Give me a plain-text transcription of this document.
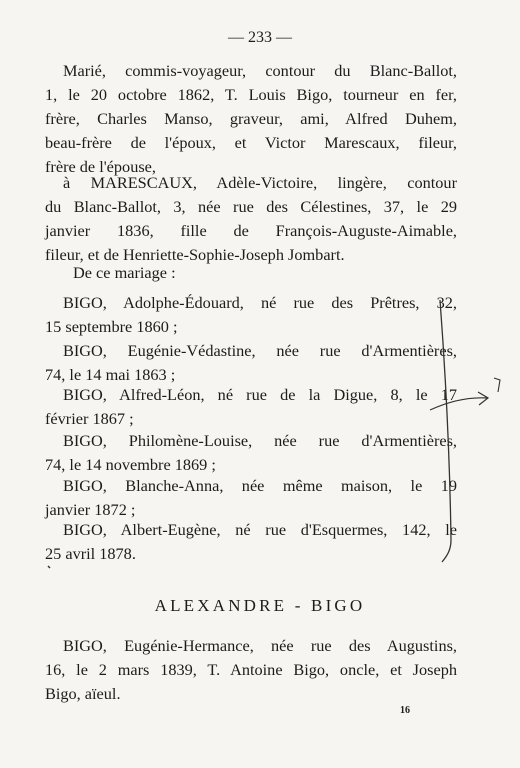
— 233 —

Marié, commis-voyageur, contour du Blanc-Ballot,
1, le 20 octobre 1862, T. Louis Bigo, tourneur en fer,
frère, Charles Manso, graveur, ami, Alfred Duhem,
beau-frère de l'époux, et Victor Marescaux, fileur,
frère de l'épouse,

à MARESCAUX, Adèle-Victoire, lingère, contour
du Blanc-Ballot, 3, née rue des Célestines, 37, le 29
janvier 1836, fille de François-Auguste-Aimable,
fileur, et de Henriette-Sophie-Joseph Jombart.

De ce mariage :

BIGO, Adolphe-Édouard, né rue des Prêtres, 32,
15 septembre 1860 ;

BIGO, Eugénie-Védastine, née rue d'Armentières,
74, le 14 mai 1863 ;

BIGO, Alfred-Léon, né rue de la Digue, 8, le 17
février 1867 ;

BIGO, Philomène-Louise, née rue d'Armentières,
74, le 14 novembre 1869 ;

BIGO, Blanche-Anna, née même maison, le 19
janvier 1872 ;

BIGO, Albert-Eugène, né rue d'Esquermes, 142, le
25 avril 1878.

ALEXANDRE - BIGO

BIGO, Eugénie-Hermance, née rue des Augustins,
16, le 2 mars 1839, T. Antoine Bigo, oncle, et Joseph
Bigo, aïeul.

16
